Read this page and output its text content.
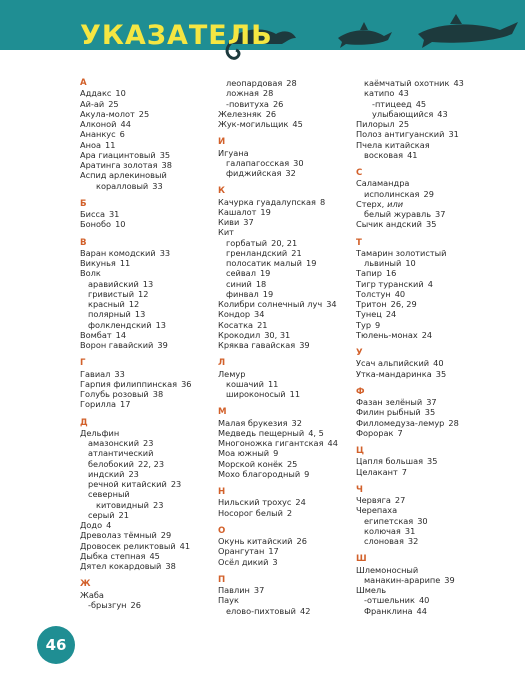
УКАЗАТЕЛЬ
А
Аддакс 10
Ай-ай 25
Акула-молот 25
Алконой 44
Ананкус 6
Аноа 11
Ара гиацинтовый 35
Аратинга золотая 38
Аспид арлекиновый
коралловый 33
Б
Бисса 31
Бонобо 10
В
Варан комодский 33
Викунья 11
Волк
аравийский 13
гривистый 12
красный 12
полярный 13
фолклендский 13
Вомбат 14
Ворон гавайский 39
Г
Гавиал 33
Гарпия филиппинская 36
Голубь розовый 38
Горилла 17
Д
Дельфин
амазонский 23
атлантический
белобокий 22, 23
индский 23
речной китайский 23
северный
китовидный 23
серый 21
Додо 4
Древолаз тёмный 29
Дровосек реликтовый 41
Дыбка степная 45
Дятел кокардовый 38
Ж
Жаба
-брызгун 26
леопардовая 28
ложная 28
-повитуха 26
Железняк 26
Жук-могильщик 45
И
Игуана
галапагосская 30
фиджийская 32
К
Качурка гуадалупская 8
Кашалот 19
Киви 37
Кит
горбатый 20, 21
гренландский 21
полосатик малый 19
сейвал 19
синий 18
финвал 19
Колибри солнечный луч 34
Кондор 34
Косатка 21
Крокодил 30, 31
Кряква гавайская 39
Л
Лемур
кошачий 11
широконосый 11
М
Малая брукезия 32
Медведь пещерный 4, 5
Многоножка гигантская 44
Моа южный 9
Морской конёк 25
Мохо благородный 9
Н
Нильский трохус 24
Носорог белый 2
О
Окунь китайский 26
Орангутан 17
Осёл дикий 3
П
Павлин 37
Паук
елово-пихтовый 42
каёмчатый охотник 43
катипо 43
-птицеед 45
улыбающийся 43
Пилорыл 25
Полоз антигуанский 31
Пчела китайская
восковая 41
С
Саламандра
исполинская 29
Стерх, или
белый журавль 37
Сычик андский 35
Т
Тамарин золотистый
львиный 10
Тапир 16
Тигр туранский 4
Толстун 40
Тритон 26, 29
Тунец 24
Тур 9
Тюлень-монах 24
У
Усач альпийский 40
Утка-мандаринка 35
Ф
Фазан зелёный 37
Филин рыбный 35
Филломедуза-лемур 28
Форорак 7
Ц
Цапля большая 35
Целакант 7
Ч
Червяга 27
Черепаха
египетская 30
колючая 31
слоновая 32
Ш
Шлемоносный
манакин-арарипе 39
Шмель
-отшельник 40
Франклина 44
46
